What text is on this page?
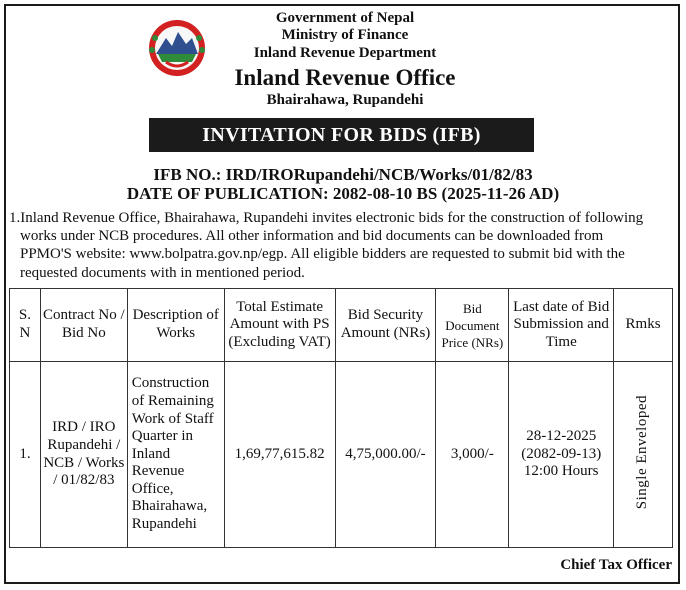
Government of Nepal
Ministry of Finance
Inland Revenue Department
Inland Revenue Office
Bhairahawa, Rupandehi
INVITATION FOR BIDS (IFB)
IFB NO.: IRD/IRORupandehi/NCB/Works/01/82/83
DATE OF PUBLICATION: 2082-08-10 BS (2025-11-26 AD)
1.Inland Revenue Office, Bhairahawa, Rupandehi invites electronic bids for the construction of following
works under NCB procedures. All other information and bid documents can be downloaded from
PPMO'S website: www.bolpatra.gov.np/egp. All eligible bidders are requested to submit bid with the
requested documents with in mentioned period.
S. N	Contract No / Bid No	Description of Works	Total Estimate Amount with PS (Excluding VAT)	Bid Security Amount (NRs)	Bid Document Price (NRs)	Last date of Bid Submission and Time	Rmks
1.	IRD / IRO Rupandehi / NCB / Works / 01/82/83	Construction of Remaining Work of Staff Quarter in Inland Revenue Office, Bhairahawa, Rupandehi	1,69,77,615.82	4,75,000.00/-	3,000/-	28-12-2025
(2082-09-13)
12:00 Hours	Single Enveloped
Chief Tax Officer
